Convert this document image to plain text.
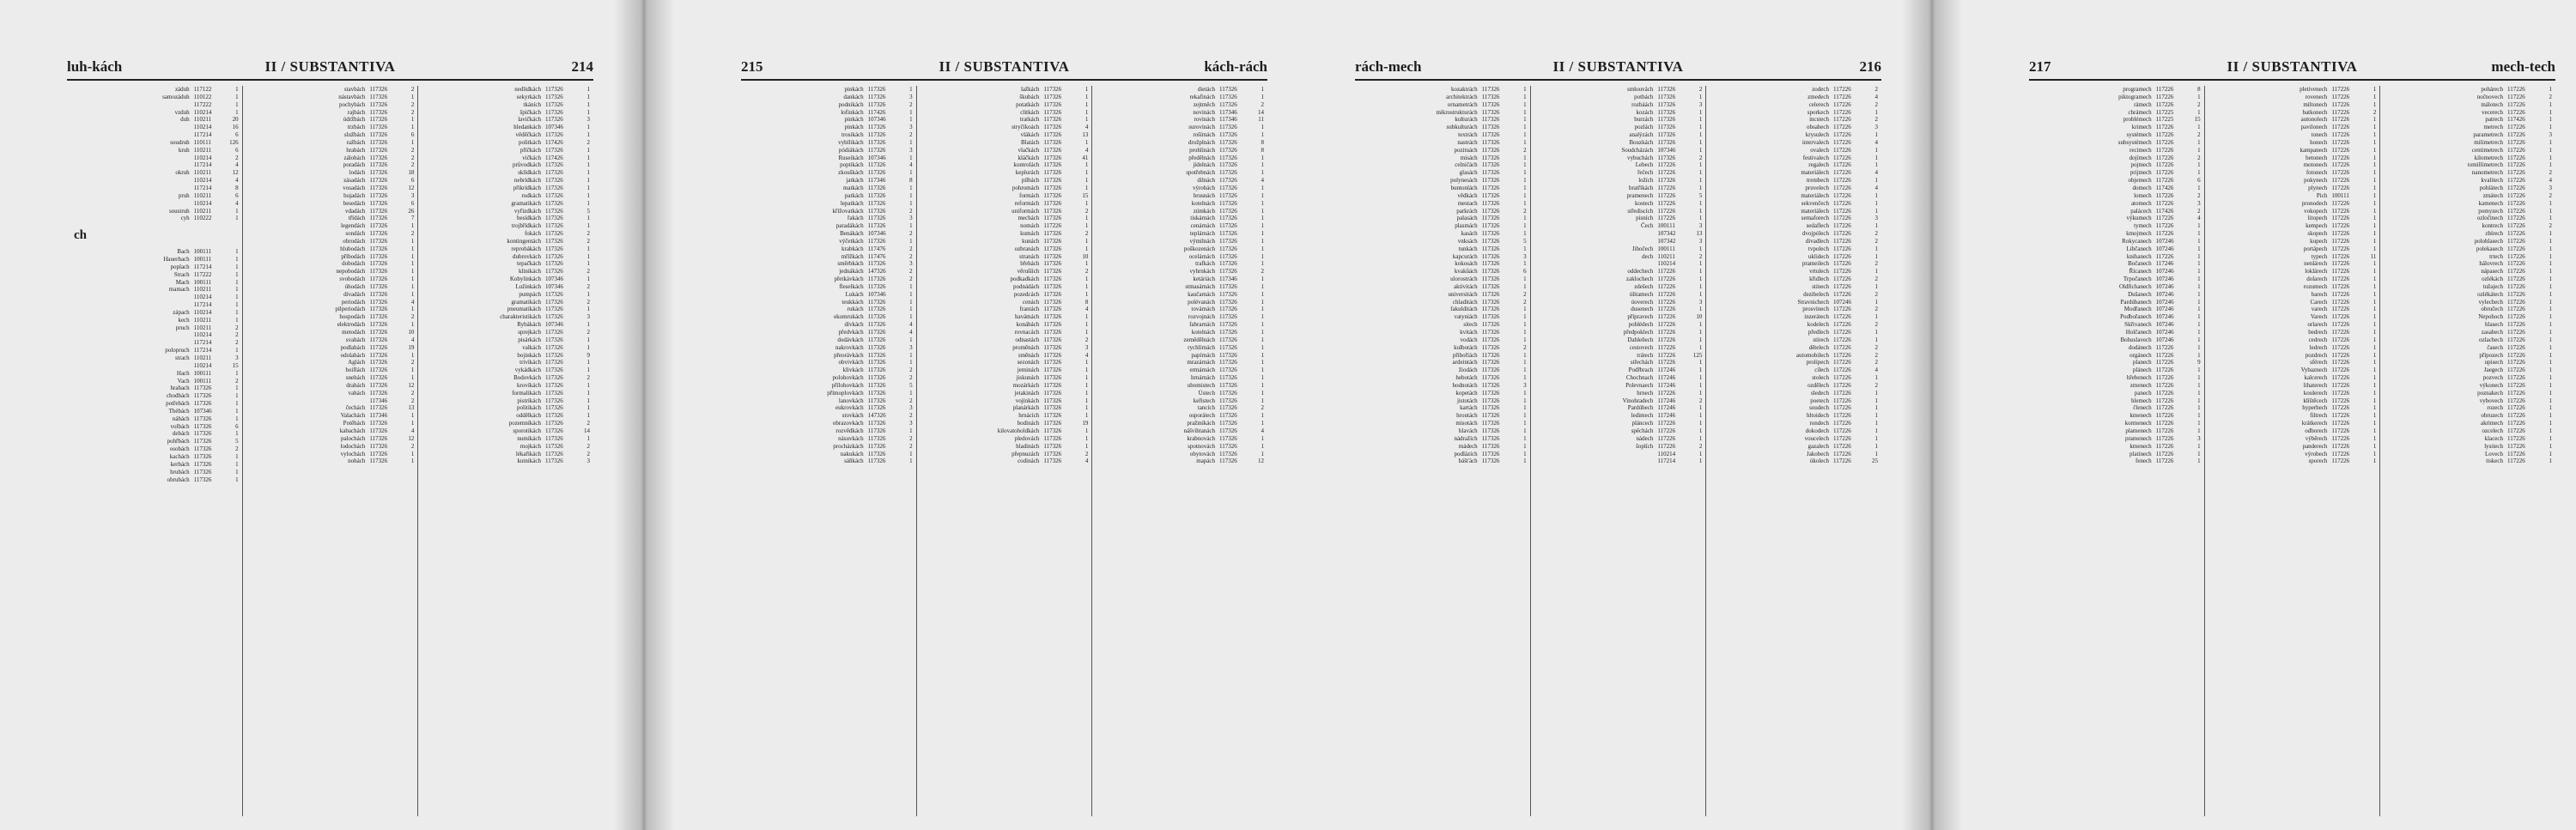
luh-kách	II / SUBSTANTIVA	214
záduh 117122	1
samozáduh 110122	1
117222	1
vzduh 110214	1
duh 110211	20
110214	16
117214	6
soudruh 110111	126
kruh 110211	6
110214	2
117214	4
okruh 110211	12
110214	4
117214	8
pruh 110211	6
110214	4
soustruh 110211	1
cyh 110222	1
ch
Bach 100111	1
Hauerbach 100111	1
poplach 117214	1
Strach 117222	1
Mach 100111	1
rnamach 110211	1
110214	1
117214	1
zápach 110214	1
kech 110211	1
pruch 110211	2
110214	2
117214	2
polopruch 117214	1
strach 110211	3
110214	15
Hach 100111	1
Vach 100111	2
hrabach 117326	1
chodbách 117326	1
potřebách 117326	1
Thébách 107346	1
náhách 117326	1
volbách 117326	6
debách 117326	1
pohřbách 117326	5
osobách 117326	2
kachách 117326	1
kerbách 117326	1
hrubách 117326	1
obrubách 117326	1
stavbách 117326	2
nástavbách 117326	1
pochybách 117326	2
rajbách 117326	2
údržbách 117326	1
trzbách 117326	1
službách 117326	6
ražbách 117326	1
hrabách 117326	2
zálohách 117326	2
poradách 117326	2
lodách 117326	18
zásadách 117326	6
vosadách 117326	12
bujadách 117326	3
besedách 117326	6
vdadách 117326	26
třídách 117326	7
legendách 117326	1
sondách 117326	2
obrodách 117326	1
hlubodách 117326	1
příbodách 117326	1
dobodách 117326	1
nepobodách 117326	1
svobodách 117326	1
úhodách 117326	1
divadách 117326	1
periodách 117326	4
pilperiodách 117326	1
hospodách 117326	2
elektrodách 117326	1
metodách 117326	10
svahách 117326	4
podlahách 117326	19
odolahách 117326	1
Aglách 117326	2
hoiflách 117326	1
snehách 117326	1
drahách 117326	12
vahách 117326	2
117346	2
čechách 117326	13
Valachách 117346	1
Potěhách 117326	1
kabachách 117326	4
palochách 117326	12
lodochách 117326	2
vylochách 117326	1
nohách 117326	1
nedlidkách 117326	1
sekyrkách 117326	1
tkáních 117326	1
špičkách 117326	1
lavičkách 117326	3
hledankách 107346	1
věděčkách 117326	1
politkách 117426	2
příčkách 117326	1
vičkách 117426	1
průvodkách 117326	1
sklídkách 117326	1
nebrídkách 117326	1
přikrídkách 117326	1
rodkách 117326	1
gramatikách 117326	1
vyřizdkách 117326	5
besídkách 117326	1
trojbřídkách 117326	1
fokách 117326	2
kontingentách 117326	2
reprobákách 117326	1
dubrovkách 117326	1
tepačkách 117326	1
klinikách 117326	2
Kobylinkách 107346	1
Lužinkách 107346	2
pumpách 117326	1
gramatikách 117326	2
pneumatikách 117326	1
charakteristikách 117326	3
Rybákách 107346	1
sprejkách 117326	2
pisárkách 117326	1
valkách 117326	1
bojinkách 117326	9
trivikách 117326	1
vykádkách 117326	1
Bodovkách 117326	2
krovíkách 117326	1
formalikách 117326	1
pistrikách 117326	1
politikách 117326	1
oddělkách 117326	1
pozemníkách 117326	2
sporotikách 117326	14
numikách 117326	1
mojkách 117326	2
lékařikách 117326	2
kutnikách 117326	3
kách-rách
II / SUBSTANTIVA
215
pinkách 117326	1
dankách 117326	3
podnikách 117326	2
lofinkách 117426	1
pinkách 107346	1
pinkách 117326	3
trosikách 117326	2
vybílikách 117326	1
pódiákách 117326	3
Ruseikách 107346	1
poptikách 117326	4
zkouškách 117326	1
jatkách 117346	8
matkách 117326	1
patkách 117326	1
lepatkách 117326	1
křížovatkách 117326	2
řakách 117326	3
paradákách 117326	1
Benákách 107346	2
výčetkách 117326	1
krabkách 117476	2
mřížkách 117476	2
směrbkách 117326	3
jednákách 147326	2
přetkávkách 117326	2
fleselkách 117326	1
Lukách 107346	1
teukkách 117326	1
rukách 117326	1
ekomrukách 117326	1
dívkách 117326	4
předvkách 117326	4
dodávkách 117326	1
nakrovkách 117326	3
přeorávkách 117326	1
obvivkách 117326	1
klivkách 117326	2
polohovkách 117326	2
přílohovkách 117326	5
přímoplovkách 117326	1
lanovkách 117326	2
eukrovkách 117326	3
stovkách 147326	2
obrazovkách 117326	3
rozvědkách 117326	1
násuvkách 117326	2
procházkách 117326	2
nakukách 117326	1
sáňkách 117326	1
lažkách 117326	1
škubách 117326	1
potatkách 117326	1
clitkách 117326	1
tratkách 117326	1
stryčíkoách 117326	4
vlákách 117326	13
Blatách 117326	1
vlačkách 117326	4
kláčkách 117326	41
kontrolách 117326	1
keplurách 117326	1
pilbách 117326	1
pohromách 117326	1
formách 117326	15
reformách 117326	1
uniformách 117326	2
mechách 117326	1
nomách 117226	1
kumách 117326	2
kunách 117326	1
ozbranách 117326	1
stranách 117326	10
břehách 117326	1
věrušíích 117326	2
podkadkách 117326	1
podnádách 117326	1
pozedcách 117326	1
cenách 117326	8
frantách 117326	4
havámách 117326	1
konábách 117326	1
rovnacách 117326	1
odnastách 117326	2
proměnách 117326	3
směnách 117326	4
sezonách 117326	1
jeminách 117326	1
jiskunách 117326	1
mozárkách 117326	1
jetakinách 117326	1
vojínkách 117326	1
planárkách 117326	1
hrnácích 117326	1
bodinách 117326	19
kilovatoholdkách 117326	1
pledovách 117326	1
hladinách 117326	1
přepnuzách 117326	2
codinách 117326	4
dietách 117326	1
rekafinách 117326	1
zejtměch 117326	2
novinách 117346	14
rovinách 117346	11
surovinách 117326	1
rošímách 117326	1
drožplnách 117326	8
prohlinách 117326	8
předělnách 117326	1
jídelnách 117326	1
spotřebnách 117326	1
dilnách 117326	4
výrobách 117326	1
brusnách 117326	1
kotelnách 117326	1
zúmkách 117326	1
tiskárnách 117326	1
cenárnách 117326	1
teplárnách 117326	1
výmilnách 117326	1
poškozenách 117326	1
ocelárnách 117326	1
trafkách 117326	1
vyhrnkách 117326	2
ketáriách 117346	1
stmasárnách 117326	1
kaučarnách 117326	1
polévanách 117326	1
továrnách 117326	1
rozvojnách 117326	1
fabrarnách 117326	1
kotelnách 117326	1
zemědělnách 117326	1
rychlírnách 117326	1
papírnách 117326	1
mrazárnách 117326	1
ermárnách 117326	1
hrnárnách 117326	1
ubomistech 117326	1
Ústech 117326	1
keřistech 117326	1
tancích 117326	2
osporátech 117326	1
pražmíkách 117326	1
nášvihtanách 117326	4
krabnovách 117326	1
spotnovách 117326	1
obytovách 117326	1
mapách 117326	12
rách-mech	II / SUBSTANTIVA	216
kozaktrách 117326	1
architektrách 117326	1
ornametrách 117326	1
mikrostrukturách 117326	1
kulturách 117326	1
subkulturách 117326	1
textrách 117326	1
nastrách 117326	1
pozituách 117326	2
misách 117326	1
celničách 117326	1
glasách 117326	1
polynesách 117326	1
buntonlách 117326	1
vědkách 117326	1
mestach 117326	1
parkrách 117326	2
palasách 117326	1
plasmách 117326	1
kasách 117326	1
vnksách 117326	5
tunkách 117326	1
kapcurách 117326	3
kokosách 117326	1
kvakůách 117326	6
ulorostrách 117326	1
aktivitách 117326	1
universitách 117326	2
chladitách 117326	2
fakulditách 117326	1
vatyniách 117326	1
sítech 117326	1
kvitách 117326	1
vodách 117326	1
kulbotách 117326	2
přiboříách 117326	1
ardeintách 117326	1
žiodách 117326	1
hebotách 117326	1
hodnotách 117326	3
kopetách 117326	1
jistotách 117326	1
kartách 117326	1
hroutách 117326	1
misotách 117326	1
hlavách 117326	1
nádražích 117326	1
mádech 117326	1
podlázích 117326	1
bášťách 117326	1
smlouvách 117326	2
potbách 117326	1
rozbáách 117326	3
kozách 117326	1
burzách 117326	1
pozlách 117326	1
analýzách 117326	1
Bouzkách 117326	1
Soudcházách 107346	1
vybuchách 117326	2
Lebech 117226	1
řečech 117226	1
ložích 117326	1
bratříkách 117226	1
pramenech 117226	5
kostech 117226	1
střediscích 117226	1
pisních 117226	1
Čech 100111	3
107342	13
107342	3
Jihočech 100111	1
dech 110211	2
110214	1
oddechech 117226	1
zaklochech 117226	1
zdešech 117226	1
úlitamech 117226	1
úoverech 117226	3
dusenech 117226	1
přípravech 117226	10
pohlédech 117226	1
předpoklech 117226	1
Dahleňech 117226	1
cestovech 117226	1
trátech 117226	125
střechách 117226	1
Podřbrach 117246	1
Chochnach 117246	1
Polevnaech 117246	1
hrnech 117226	1
Vinohradech 117246	2
Pardúbech 117246	1
ledimech 117246	1
pláncech 117226	1
spěchách 117226	1
nádech 117226	1
šoplích 117226	2
110214	1
117214	1
zodech 117226	2
zmedech 117226	4
celerech 117226	2
sporkech 117226	1
incstech 117226	2
obsahech 117226	3
krysulech 117226	1
intervalech 117226	4
ovalech 117226	1
festivalech 117226	1
regalech 117226	1
materiálech 117226	4
trembech 117226	1
pruvelech 117226	4
materiálech 117226	1
sekvenčech 117226	1
materiálech 117226	1
semaforech 117226	3
sedaflech 117226	1
dvojpólech 117226	2
divadlech 117226	2
tvpolech 117226	1
uklidech 117226	1
prameilech 117226	2
vrtulech 117226	1
křidlech 117226	2
stínech 117226	1
dezibelech 117226	2
Stravnichech 107246	1
prosvínech 117226	2
inzerátech 117226	1
kodelech 117226	2
předlech 117226	1
stírech 117226	1
dětelech 117226	2
automobilech 117226	2
prolipech 117226	2
cílech 117226	4
stolech 117226	1
ozdělech 117226	2
sledech 117226	1
poetech 117226	1
soudech 117226	1
hltoidech 117226	1
rondech 117226	1
dokodech 117226	1
voucelech 117226	1
gazalech 117226	1
Jakobech 117226	1
úkolech 117226	25
mech-tech
II / SUBSTANTIVA
217
programech 117226	8
piktogramech 117226	1
rámech 117226	2
chrámech 117225	1
problémech 117225	15
krimech 117226	1
systémech 117226	2
subsystémech 117226	1
recimech 117226	1
dojímech 117226	2
pojmech 117226	1
prijmech 117226	1
objemech 117226	6
domech 117426	1
lomech 117226	2
atomech 117226	3
palácech 117426	2
výkumech 117226	4
tymech 117226	1
kmojmech 117226	1
Rokycanech 107246	1
Libčanech 107246	1
knihanech 117226	1
Bočanech 117246	1
Řícanech 107246	1
Trpočanech 107246	1
Oldřichanech 107246	1
Dušanech 107246	1
Pardúbanech 107246	1
Modřanech 107246	1
Podbořanech 107246	1
Skřivanech 107246	1
Holčanech 107246	1
Bohuslavech 107246	1
dodánech 117226	1
orgánech 117226	1
planech 117226	9
plánech 117226	1
hřebenech 117226	1
zmenech 117226	1
panech 117226	1
hlemech 117226	1
členech 117226	1
kmenech 117226	1
kormenech 117226	1
plamenech 117226	1
pramenech 117226	3
kmenech 117226	1
platinech 117226	1
fenech 117226	1
pletivenech 117226	1
rovenech 117226	1
miltonech 117226	1
batkonech 117226	2
autonolech 117226	1
pavilonech 117226	1
tonech 117226	1
honech 117226	1
kampanech 117226	1
betonech 117226	1
motonech 117226	1
fotonech 117226	1
pokynech 117226	1
plynech 117226	1
Pich 100111	1
pronodech 117226	1
vokopech 117226	1
litopech 117226	1
kempech 117226	1
skopech 117226	1
kupech 117226	1
portápech 117226	1
typech 117226	11
nenlárech 117226	1
loklárech 117226	1
dolarech 117226	1
rozumech 117226	1
barech 117226	1
Carech 117226	1
varech 117226	1
Varech 117226	1
orlarech 117226	1
bedrech 117226	1
cedrech 117226	1
ledrech 117226	1
pozdrech 117226	1
sférech 117226	1
Vybaznech 117226	1
kalcerech 117226	1
lihaterech 117226	1
koulerech 117226	1
klíštěcech 117226	1
hyperhech 117226	1
filtrech 117226	1
krátkerech 117226	1
odborech 117226	1
výběrech 117226	1
panderech 117226	1
výrobech 117226	1
sporech 117226	1
pohárech 117226	1
nočnovech 117226	2
málotech 117226	1
vecerech 117226	1
patrech 117426	1
metrech 117226	1
parametrech 117226	3
milimetrech 117226	1
centimetrech 117226	1
kilometrech 117226	1
tomillimetrech 117226	1
nanometrech 117226	2
kvalitech 117226	4
pohlátech 117226	3
zmátech 117226	2
kamenech 117226	1
pomyzech 117226	1
ozločinech 117226	1
kontrech 117226	2
zbírech 117226	1
polohlasech 117226	1
polekasech 117226	1
trtech 117226	1
hálovrech 117226	1
nápasech 117226	1
ozlékách 117226	1
tužajech 117226	1
ozlékátech 117226	1
vylechech 117226	1
obručech 117226	1
Nepohoch 117226	1
hlasech 117226	1
zasahech 117226	1
ozlachech 117226	1
časech 117226	1
přípozech 117226	1
upisech 117226	1
Jaegech 117226	1
pozvech 117226	1
výkonech 117226	1
poznakech 117226	1
vybovech 117226	1
rozech 117226	1
obruzech 117226	1
akrimech 117226	1
ozcelech 117226	1
klacech 117226	1
lystiech 117226	1
Lovech 117226	1
tiskech 117226	1
